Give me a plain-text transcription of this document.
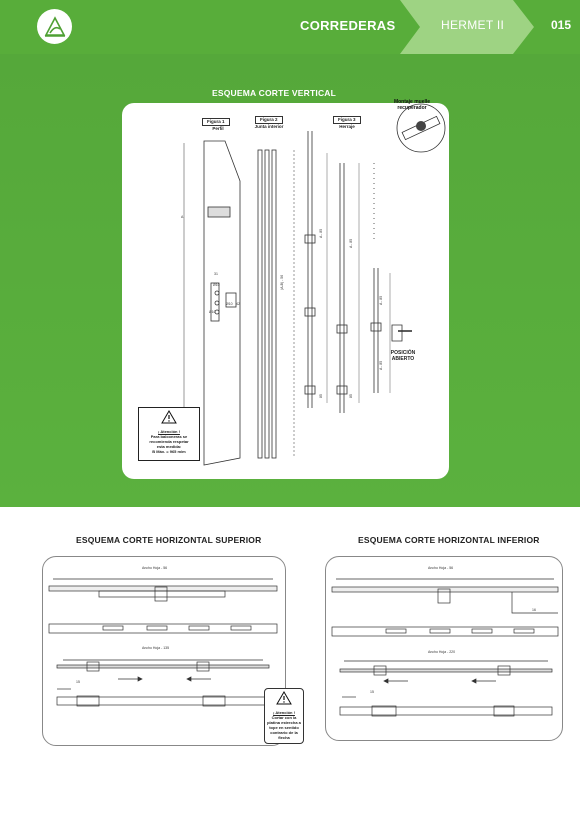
CORREDERAS	HERMET II	015
ESQUEMA CORTE VERTICAL
Montaje muelle recuperador
Figura 1
Perfil
Figura 2
Junta interior
Figura 3
Herraje
A
31
Ø10
Ø10
Ø10
42
(A-B) - 56
A - 85
A - 85
A - 85
A - 85
85	85
¡ Atención !
Para balconeras se
recomienda respetar
esta medida:
B Máx. = 965 m/m
POSICIÓN
ABIERTO
ESQUEMA CORTE HORIZONTAL SUPERIOR	ESQUEMA CORTE HORIZONTAL INFERIOR
Ancho Hoja - 56
Ancho Hoja - 135
15
¡ Atención !
Cortar con la
platina estrecha a
tope en sentido
contrario de la
flecha
Ancho Hoja - 56
Ancho Hoja - 220
16
15
